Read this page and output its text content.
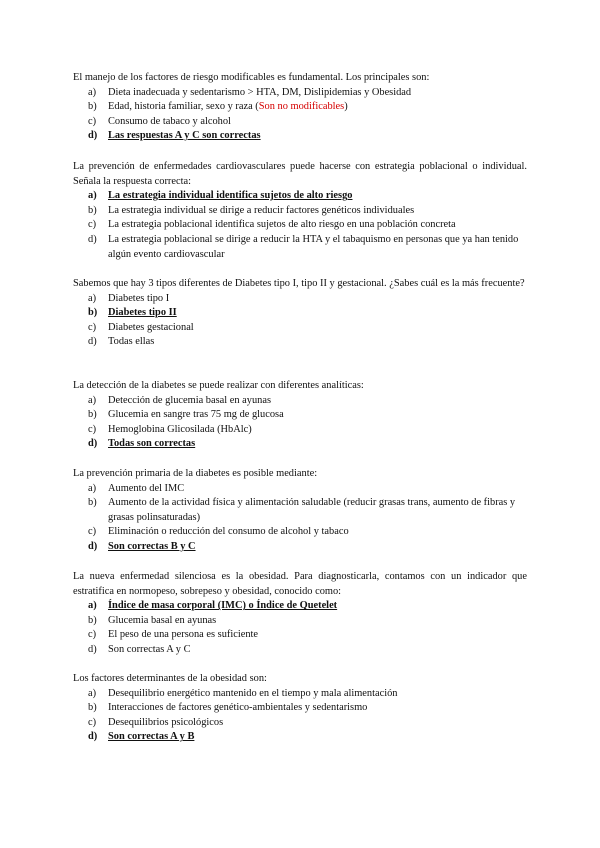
El manejo de los factores de riesgo modificables es fundamental. Los principales son:

a) Dieta inadecuada y sedentarismo > HTA, DM, Dislipidemias y Obesidad
b) Edad, historia familiar, sexo y raza (Son no modificables)
c) Consumo de tabaco y alcohol
d) Las respuestas A y C son correctas

La prevención de enfermedades cardiovasculares puede hacerse con estrategia poblacional o individual. Señala la respuesta correcta:

a) La estrategia individual identifica sujetos de alto riesgo
b) La estrategia individual se dirige a reducir factores genéticos individuales
c) La estrategia poblacional identifica sujetos de alto riesgo en una población concreta
d) La estrategia poblacional se dirige a reducir la HTA y el tabaquismo en personas que ya han tenido algún evento cardiovascular

Sabemos que hay 3 tipos diferentes de Diabetes tipo I, tipo II y gestacional. ¿Sabes cuál es la más frecuente?

a) Diabetes tipo I
b) Diabetes tipo II
c) Diabetes gestacional
d) Todas ellas

La detección de la diabetes se puede realizar con diferentes analíticas:

a) Detección de glucemia basal en ayunas
b) Glucemia en sangre tras 75 mg de glucosa
c) Hemoglobina Glicosilada (HbAlc)
d) Todas son correctas

La prevención primaria de la diabetes es posible mediante:

a) Aumento del IMC
b) Aumento de la actividad física y alimentación saludable (reducir grasas trans, aumento de fibras y grasas polinsaturadas)
c) Eliminación o reducción del consumo de alcohol y tabaco
d) Son correctas B y C

La nueva enfermedad silenciosa es la obesidad. Para diagnosticarla, contamos con un indicador que estratifica en normopeso, sobrepeso y obesidad, conocido como:

a) Índice de masa corporal (IMC) o Índice de Quetelet
b) Glucemia basal en ayunas
c) El peso de una persona es suficiente
d) Son correctas A y C

Los factores determinantes de la obesidad son:

a) Desequilibrio energético mantenido en el tiempo y mala alimentación
b) Interacciones de factores genético-ambientales y sedentarismo
c) Desequilibrios psicológicos
d) Son correctas A y B
